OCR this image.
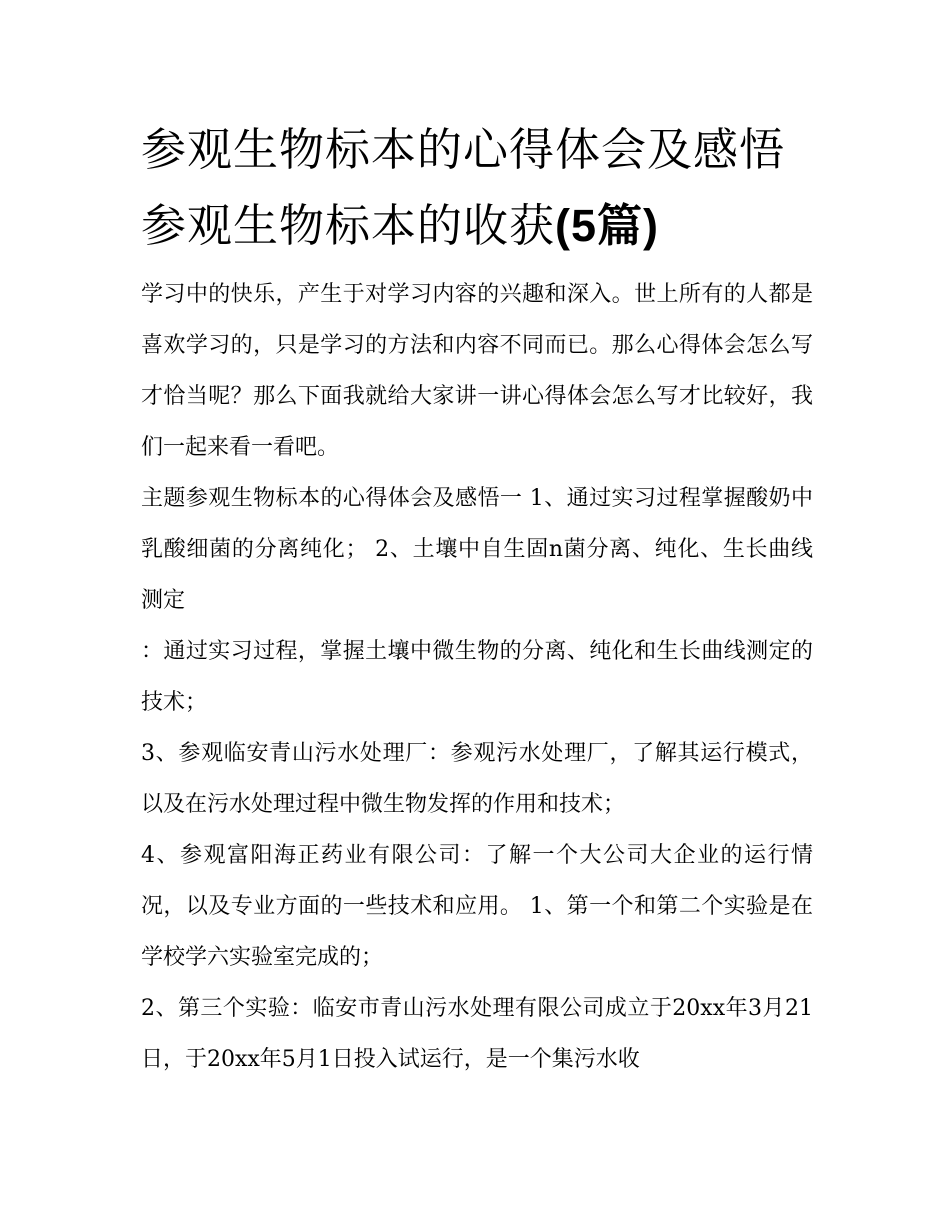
参观生物标本的心得体会及感悟 参观生物标本的收获(5篇)

学习中的快乐，产生于对学习内容的兴趣和深入。世上所有的人都是喜欢学习的，只是学习的方法和内容不同而已。那么心得体会怎么写才恰当呢？那么下面我就给大家讲一讲心得体会怎么写才比较好，我们一起来看一看吧。

主题参观生物标本的心得体会及感悟一 1、通过实习过程掌握酸奶中乳酸细菌的分离纯化； 2、土壤中自生固n菌分离、纯化、生长曲线测定

：通过实习过程，掌握土壤中微生物的分离、纯化和生长曲线测定的技术；

3、参观临安青山污水处理厂：参观污水处理厂，了解其运行模式，以及在污水处理过程中微生物发挥的作用和技术；

4、参观富阳海正药业有限公司：了解一个大公司大企业的运行情况，以及专业方面的一些技术和应用。 1、第一个和第二个实验是在学校学六实验室完成的；

2、第三个实验：临安市青山污水处理有限公司成立于20xx年3月21日，于20xx年5月1日投入试运行，是一个集污水收
